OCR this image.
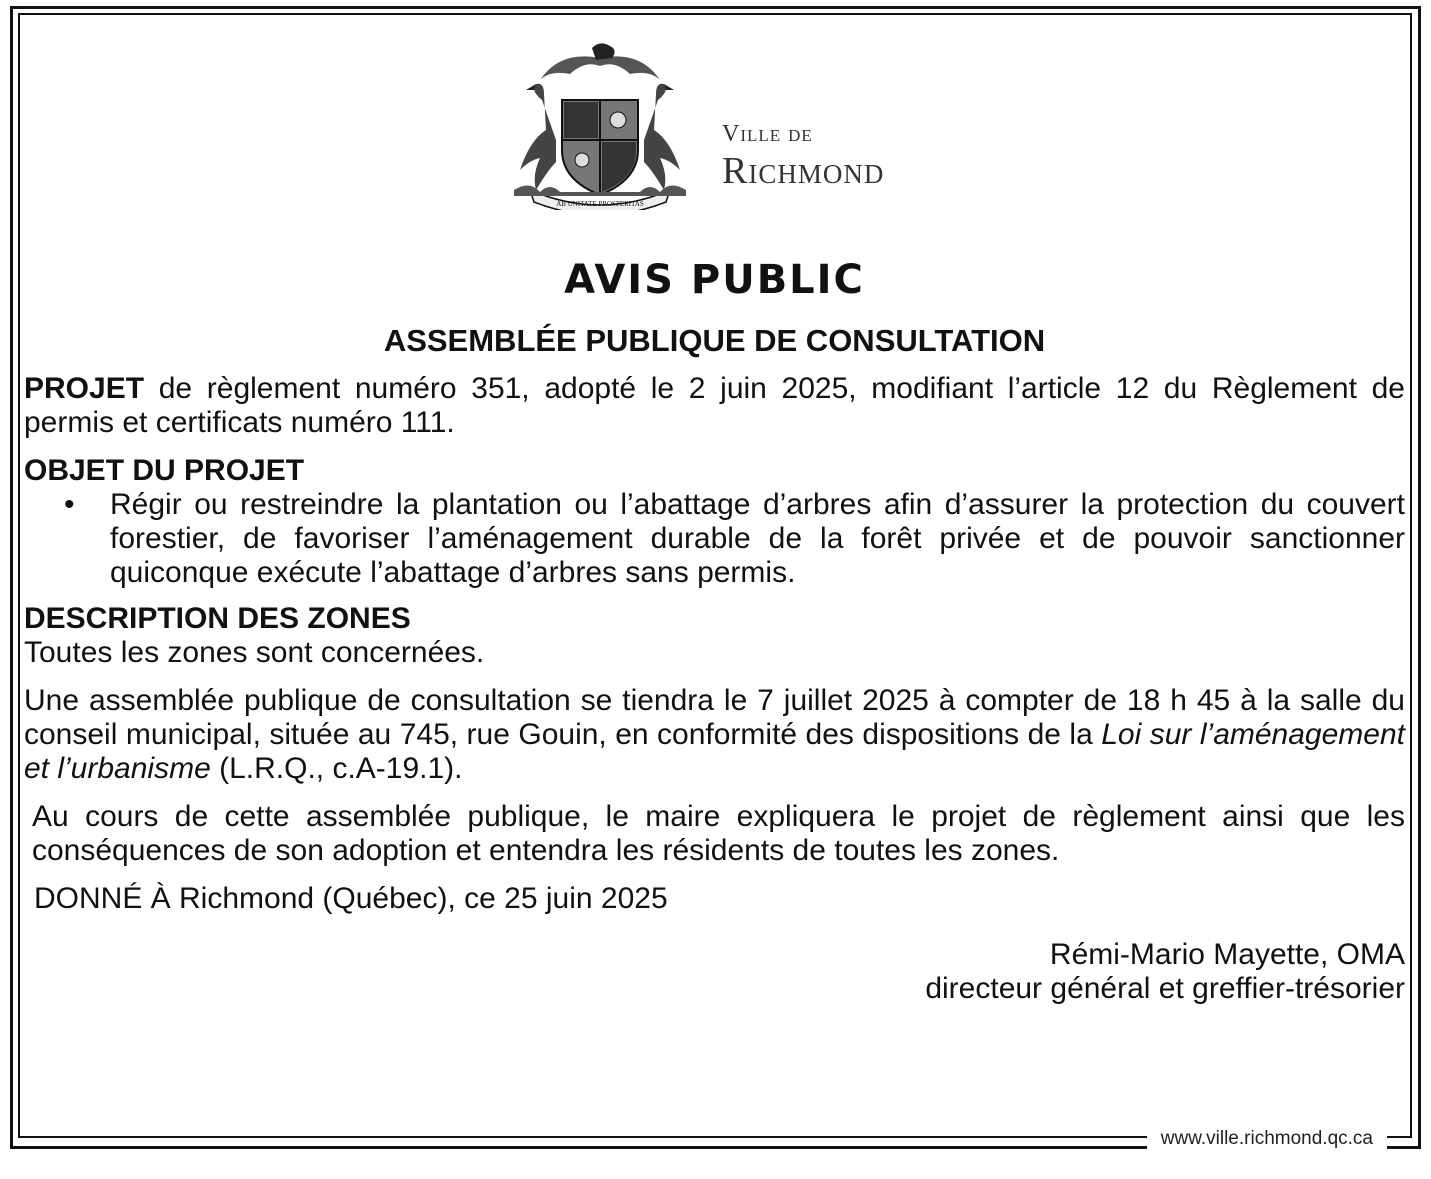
AB UNITATE PROSPERITAS
Ville de
Richmond
AVIS PUBLIC
ASSEMBLÉE PUBLIQUE DE CONSULTATION

PROJET de règlement numéro 351, adopté le 2 juin 2025, modifiant l’article 12 du Règlement de permis et certificats numéro 111.

OBJET DU PROJET
•	Régir ou restreindre la plantation ou l’abattage d’arbres afin d’assurer la protection du couvert forestier, de favoriser l’aménagement durable de la forêt privée et de pouvoir sanctionner quiconque exécute l’abattage d’arbres sans permis.
DESCRIPTION DES ZONES

Toutes les zones sont concernées.

Une assemblée publique de consultation se tiendra le 7 juillet 2025 à compter de 18 h 45 à la salle du conseil municipal, située au 745, rue Gouin, en conformité des dispositions de la Loi sur l’aménagement et l’urbanisme (L.R.Q., c.A-19.1).

Au cours de cette assemblée publique, le maire expliquera le projet de règlement ainsi que les conséquences de son adoption et entendra les résidents de toutes les zones.

DONNÉ À Richmond (Québec), ce 25 juin 2025

Rémi-Mario Mayette, OMA

directeur général et greffier-trésorier

www.ville.richmond.qc.ca
